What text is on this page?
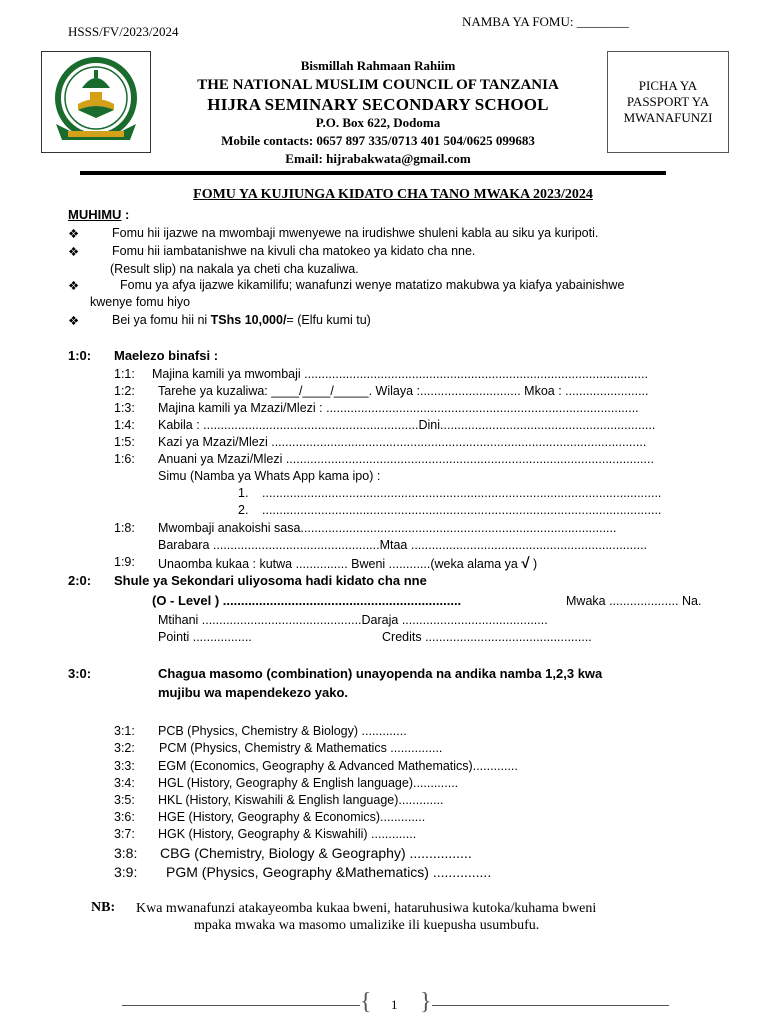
HSSS/FV/2023/2024
NAMBA YA FOMU: ________
Bismillah Rahmaan Rahiim
THE NATIONAL MUSLIM COUNCIL OF TANZANIA
HIJRA SEMINARY SECONDARY SCHOOL
P.O. Box 622, Dodoma
Mobile contacts: 0657 897 335/0713 401 504/0625 099683
Email: hijrabakwata@gmail.com
PICHA YA PASSPORT YA MWANAFUNZI
FOMU YA KUJIUNGA KIDATO CHA TANO MWAKA 2023/2024
MUHIMU :
❖	Fomu hii ijazwe na mwombaji mwenyewe na irudishwe shuleni kabla au siku ya kuripoti.
❖	Fomu hii iambatanishwe na kivuli cha matokeo ya kidato cha nne.
(Result slip) na nakala ya cheti cha kuzaliwa.
❖	Fomu ya afya ijazwe kikamilifu; wanafunzi wenye matatizo makubwa ya kiafya yabainishwe
kwenye fomu hiyo
❖	Bei ya fomu hii ni TShs 10,000/= (Elfu kumi tu)
1:0: Maelezo binafsi :
1:1: Majina kamili ya mwombaji ...................................................................................................
1:2: Tarehe ya kuzaliwa: ____/____/_____. Wilaya :............................. Mkoa : ........................
1:3: Majina kamili ya Mzazi/Mlezi : ..........................................................................................
1:4: Kabila : ..............................................................Dini..............................................................
1:5: Kazi ya Mzazi/Mlezi ............................................................................................................
1:6: Anuani ya Mzazi/Mlezi ..........................................................................................................
Simu (Namba ya Whats App kama ipo) :
1. ...................................................................................................................
2. ...................................................................................................................
1:8: Mwombaji anakoishi sasa...........................................................................................
Barabara ................................................Mtaa ....................................................................
1:9: Unaomba kukaa : kutwa ............... Bweni ............(weka alama ya √ )
2:0: Shule ya Sekondari uliyosoma hadi kidato cha nne
(O - Level ) ..................................................................	Mwaka .................... Na.
Mtihani ..............................................Daraja ..........................................
Pointi .................	Credits ................................................
3:0:	Chagua masomo (combination) unayopenda na andika namba 1,2,3 kwa
mujibu wa mapendekezo yako.
3:1: PCB (Physics, Chemistry & Biology) .............
3:2: PCM (Physics, Chemistry & Mathematics ...............
3:3: EGM (Economics, Geography & Advanced Mathematics).............
3:4: HGL (History, Geography & English language).............
3:5: HKL (History, Kiswahili & English language).............
3:6: HGE (History, Geography & Economics).............
3:7: HGK (History, Geography & Kiswahili) .............
3:8: CBG (Chemistry, Biology & Geography) ................
3:9: PGM (Physics, Geography &Mathematics) ...............
NB: Kwa mwanafunzi atakayeomba kukaa bweni, hataruhusiwa kutoka/kuhama bweni
mpaka mwaka wa masomo umalizike ili kuepusha usumbufu.
{ }
1
